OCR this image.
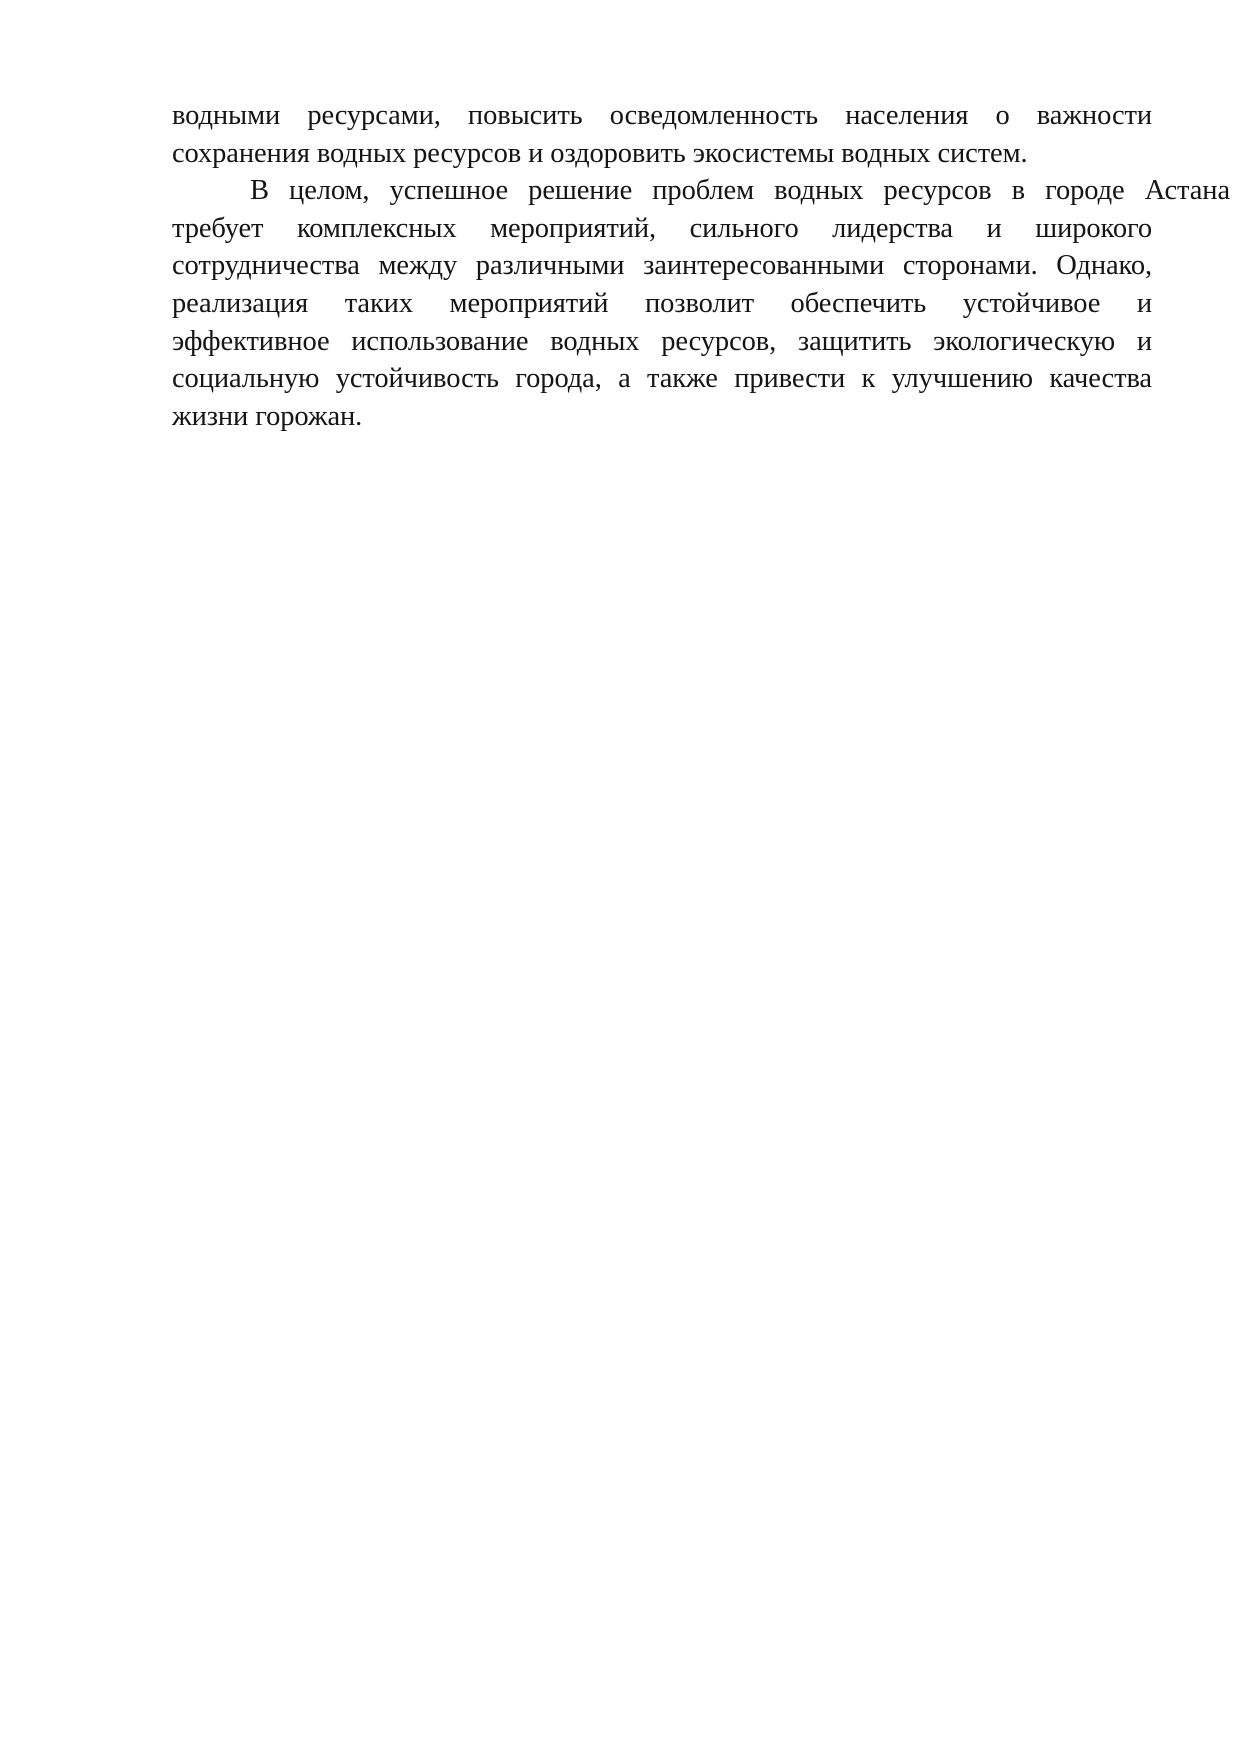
водными ресурсами, повысить осведомленность населения о важности
сохранения водных ресурсов и оздоровить экосистемы водных систем.
В целом, успешное решение проблем водных ресурсов в городе Астана
требует комплексных мероприятий, сильного лидерства и широкого
сотрудничества между различными заинтересованными сторонами. Однако,
реализация таких мероприятий позволит обеспечить устойчивое и
эффективное использование водных ресурсов, защитить экологическую и
социальную устойчивость города, а также привести к улучшению качества
жизни горожан.
